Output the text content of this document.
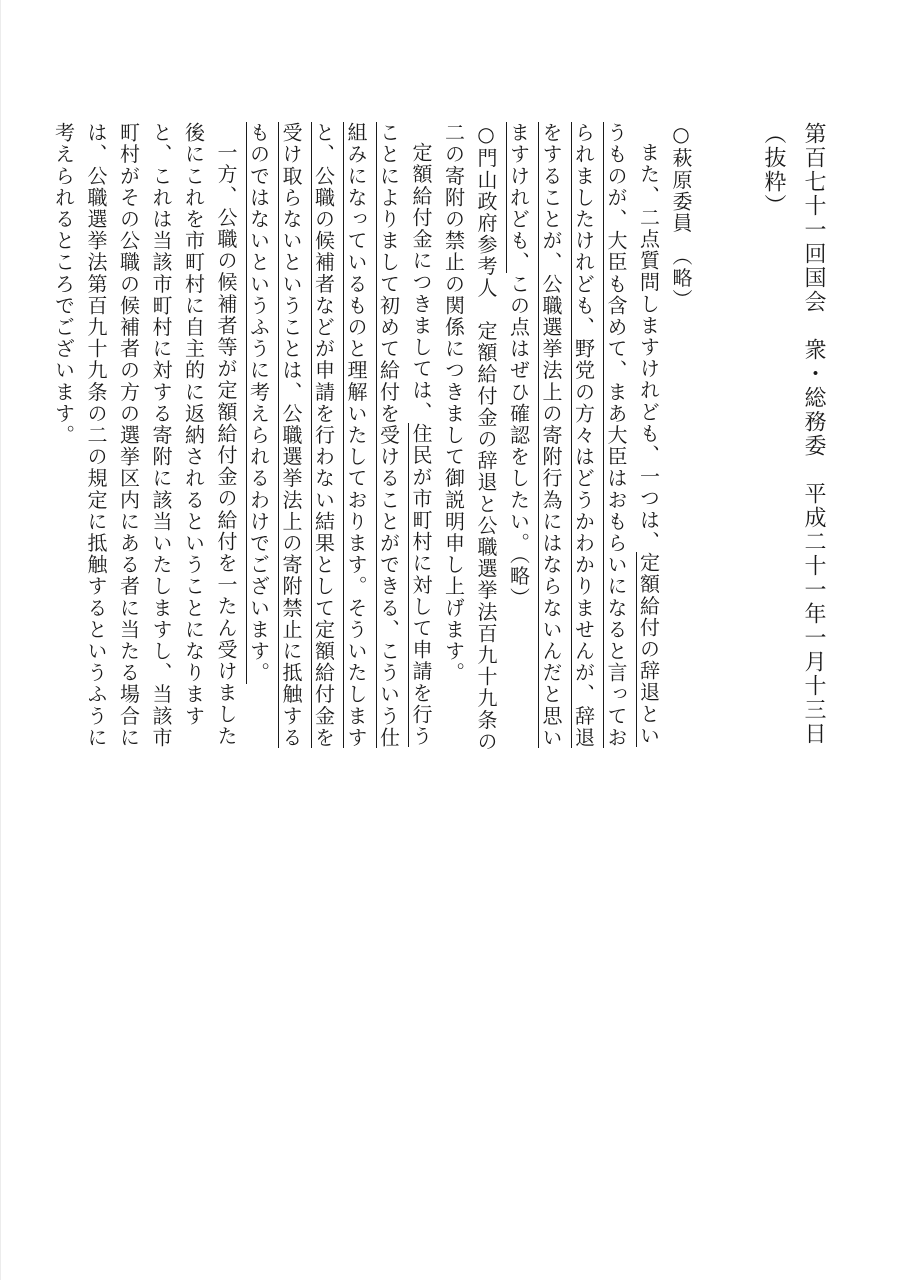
第百七十一回国会　衆・総務委　平成二十一年一月十三日（抜粋）

○萩原委員　（略）

また、二点質問しますけれども、一つは、定額給付の辞退というものが、大臣も含めて、まあ大臣はおもらいになると言っておられましたけれども、野党の方々はどうかわかりませんが、辞退をすることが、公職選挙法上の寄附行為にはならないんだと思いますけれども、この点はぜひ確認をしたい。（略）

○門山政府参考人　定額給付金の辞退と公職選挙法百九十九条の二の寄附の禁止の関係につきまして御説明申し上げます。

定額給付金につきましては、住民が市町村に対して申請を行うことによりまして初めて給付を受けることができる、こういう仕組みになっているものと理解いたしております。そういたしますと、公職の候補者などが申請を行わない結果として定額給付金を受け取らないということは、公職選挙法上の寄附禁止に抵触するものではないというふうに考えられるわけでございます。

一方、公職の候補者等が定額給付金の給付を一たん受けました後にこれを市町村に自主的に返納されるということになりますと、これは当該市町村に対する寄附に該当いたしますし、当該市町村がその公職の候補者の方の選挙区内にある者に当たる場合には、公職選挙法第百九十九条の二の規定に抵触するというふうに考えられるところでございます。
